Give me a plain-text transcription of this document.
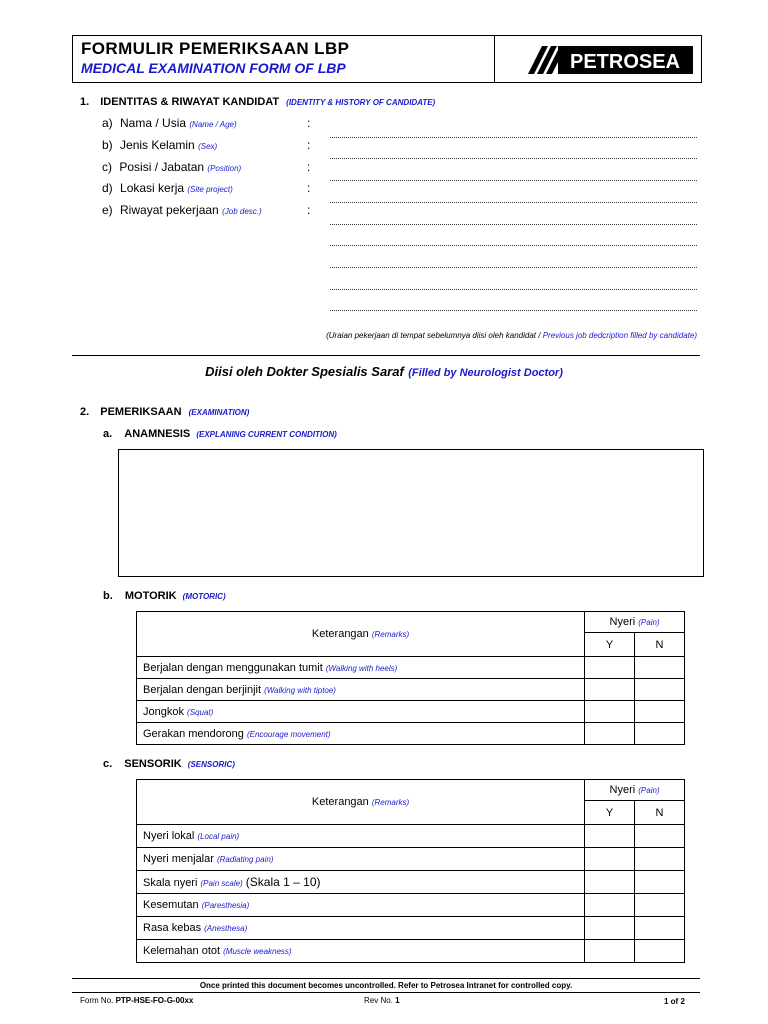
FORMULIR PEMERIKSAAN LBP
MEDICAL EXAMINATION FORM OF LBP	PETROSEA
1. IDENTITAS & RIWAYAT KANDIDAT (IDENTITY & HISTORY OF CANDIDATE)
a) Nama / Usia (Name / Age)	:
b) Jenis Kelamin (Sex)	:
c) Posisi / Jabatan (Position)	:
d) Lokasi kerja (Site project)	:
e) Riwayat pekerjaan (Job desc.)	:
(Uraian pekerjaan di tempat sebelumnya diisi oleh kandidat / Previous job dedcription filled by candidate)
Diisi oleh Dokter Spesialis Saraf (Filled by Neurologist Doctor)
2. PEMERIKSAAN (EXAMINATION)
a. ANAMNESIS (EXPLANING CURRENT CONDITION)
b. MOTORIK (MOTORIC)
Keterangan (Remarks)	Nyeri (Pain)	
	Y	N
Berjalan dengan menggunakan tumit (Walking with heels)		
Berjalan dengan berjinjit (Walking with tiptoe)		
Jongkok (Squat)		
Gerakan mendorong (Encourage movement)		
c. SENSORIK (SENSORIC)
Keterangan (Remarks)	Nyeri (Pain)	
	Y	N
Nyeri lokal (Local pain)		
Nyeri menjalar (Radiating pain)		
Skala nyeri (Pain scale) (Skala 1 – 10)		
Kesemutan (Paresthesia)		
Rasa kebas (Anesthesa)		
Kelemahan otot (Muscle weakness)		
Once printed this document becomes uncontrolled. Refer to Petrosea Intranet for controlled copy.
Form No. PTP-HSE-FO-G-00xx	Rev No. 1	1 of 2
